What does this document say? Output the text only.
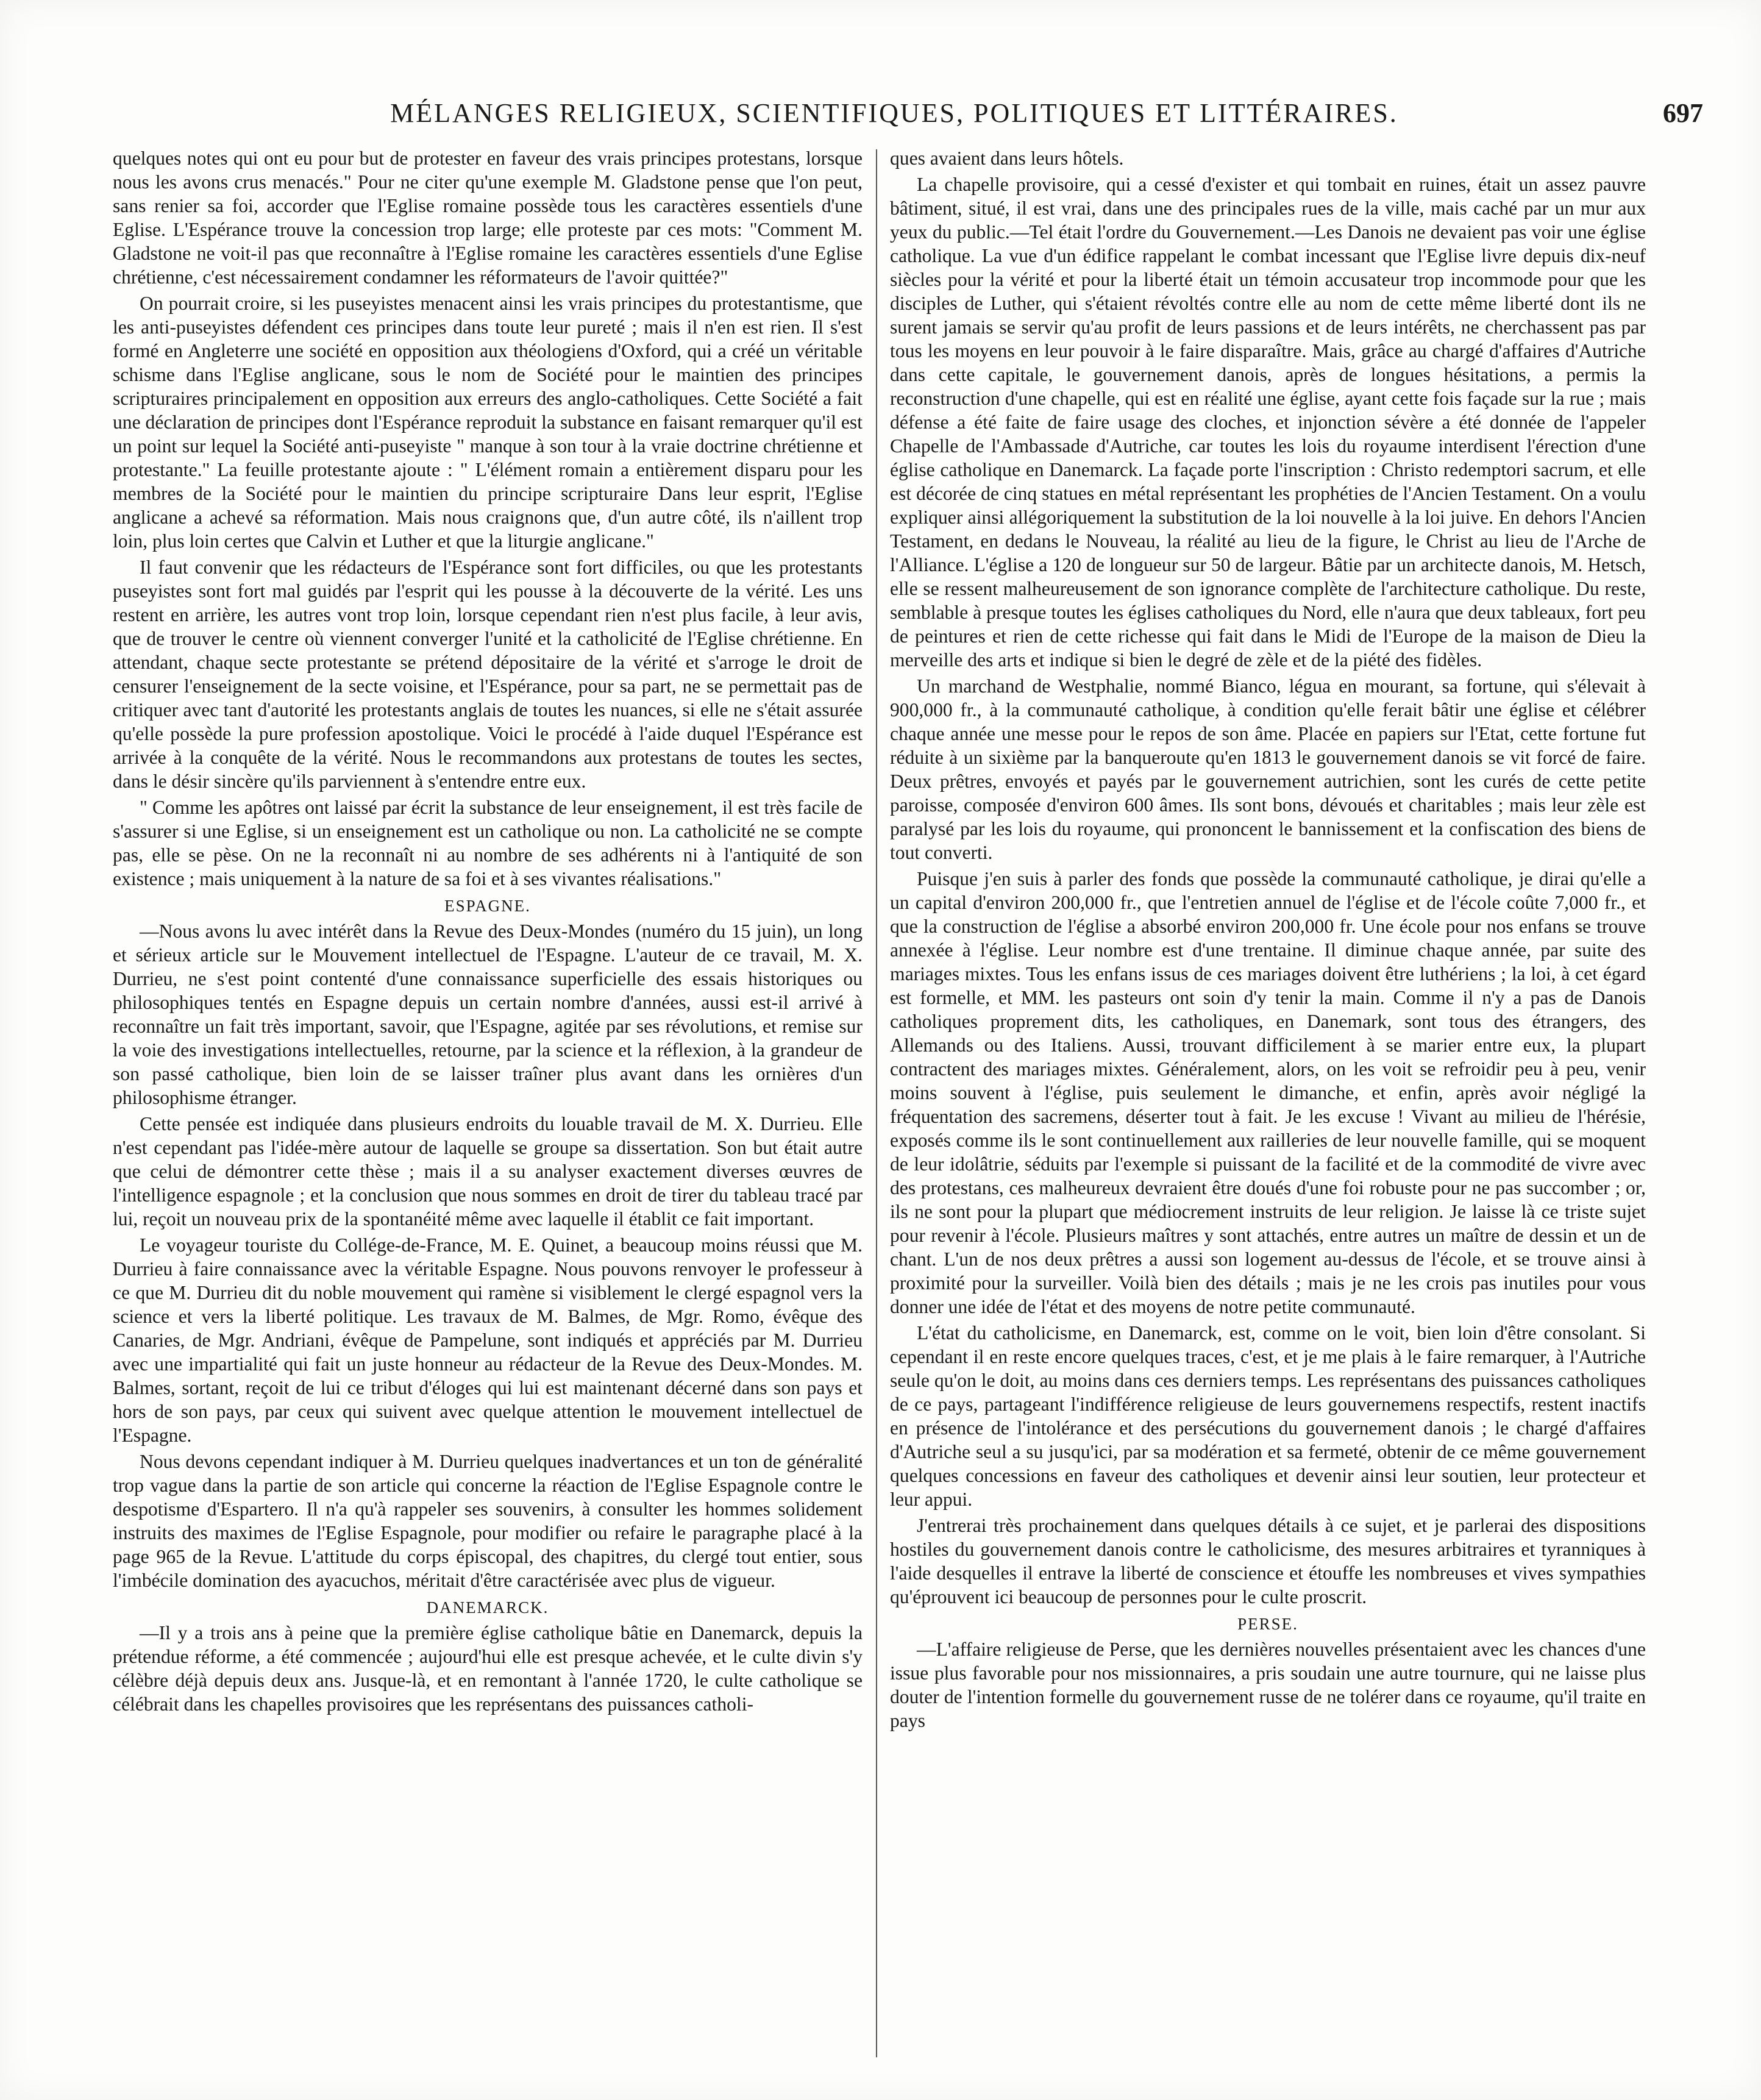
MÉLANGES RELIGIEUX, SCIENTIFIQUES, POLITIQUES ET LITTÉRAIRES.	697

quelques notes qui ont eu pour but de protester en faveur des vrais principes protestans, lorsque nous les avons crus menacés." Pour ne citer qu'une exemple M. Gladstone pense que l'on peut, sans renier sa foi, accorder que l'Eglise romaine possède tous les caractères essentiels d'une Eglise. L'Espérance trouve la concession trop large; elle proteste par ces mots: "Comment M. Gladstone ne voit-il pas que reconnaître à l'Eglise romaine les caractères essentiels d'une Eglise chrétienne, c'est nécessairement condamner les réformateurs de l'avoir quittée?"

On pourrait croire, si les puseyistes menacent ainsi les vrais principes du protestantisme, que les anti-puseyistes défendent ces principes dans toute leur pureté ; mais il n'en est rien. Il s'est formé en Angleterre une société en opposition aux théologiens d'Oxford, qui a créé un véritable schisme dans l'Eglise anglicane, sous le nom de Société pour le maintien des principes scripturaires principalement en opposition aux erreurs des anglo-catholiques. Cette Société a fait une déclaration de principes dont l'Espérance reproduit la substance en faisant remarquer qu'il est un point sur lequel la Société anti-puseyiste " manque à son tour à la vraie doctrine chrétienne et protestante." La feuille protestante ajoute : " L'élément romain a entièrement disparu pour les membres de la Société pour le maintien du principe scripturaire Dans leur esprit, l'Eglise anglicane a achevé sa réformation. Mais nous craignons que, d'un autre côté, ils n'aillent trop loin, plus loin certes que Calvin et Luther et que la liturgie anglicane."

Il faut convenir que les rédacteurs de l'Espérance sont fort difficiles, ou que les protestants puseyistes sont fort mal guidés par l'esprit qui les pousse à la découverte de la vérité. Les uns restent en arrière, les autres vont trop loin, lorsque cependant rien n'est plus facile, à leur avis, que de trouver le centre où viennent converger l'unité et la catholicité de l'Eglise chrétienne. En attendant, chaque secte protestante se prétend dépositaire de la vérité et s'arroge le droit de censurer l'enseignement de la secte voisine, et l'Espérance, pour sa part, ne se permettait pas de critiquer avec tant d'autorité les protestants anglais de toutes les nuances, si elle ne s'était assurée qu'elle possède la pure profession apostolique. Voici le procédé à l'aide duquel l'Espérance est arrivée à la conquête de la vérité. Nous le recommandons aux protestans de toutes les sectes, dans le désir sincère qu'ils parviennent à s'entendre entre eux.

" Comme les apôtres ont laissé par écrit la substance de leur enseignement, il est très facile de s'assurer si une Eglise, si un enseignement est un catholique ou non. La catholicité ne se compte pas, elle se pèse. On ne la reconnaît ni au nombre de ses adhérents ni à l'antiquité de son existence ; mais uniquement à la nature de sa foi et à ses vivantes réalisations."

ESPAGNE.

—Nous avons lu avec intérêt dans la Revue des Deux-Mondes (numéro du 15 juin), un long et sérieux article sur le Mouvement intellectuel de l'Espagne. L'auteur de ce travail, M. X. Durrieu, ne s'est point contenté d'une connaissance superficielle des essais historiques ou philosophiques tentés en Espagne depuis un certain nombre d'années, aussi est-il arrivé à reconnaître un fait très important, savoir, que l'Espagne, agitée par ses révolutions, et remise sur la voie des investigations intellectuelles, retourne, par la science et la réflexion, à la grandeur de son passé catholique, bien loin de se laisser traîner plus avant dans les ornières d'un philosophisme étranger.

Cette pensée est indiquée dans plusieurs endroits du louable travail de M. X. Durrieu. Elle n'est cependant pas l'idée-mère autour de laquelle se groupe sa dissertation. Son but était autre que celui de démontrer cette thèse ; mais il a su analyser exactement diverses œuvres de l'intelligence espagnole ; et la conclusion que nous sommes en droit de tirer du tableau tracé par lui, reçoit un nouveau prix de la spontanéité même avec laquelle il établit ce fait important.

Le voyageur touriste du Collége-de-France, M. E. Quinet, a beaucoup moins réussi que M. Durrieu à faire connaissance avec la véritable Espagne. Nous pouvons renvoyer le professeur à ce que M. Durrieu dit du noble mouvement qui ramène si visiblement le clergé espagnol vers la science et vers la liberté politique. Les travaux de M. Balmes, de Mgr. Romo, évêque des Canaries, de Mgr. Andriani, évêque de Pampelune, sont indiqués et appréciés par M. Durrieu avec une impartialité qui fait un juste honneur au rédacteur de la Revue des Deux-Mondes. M. Balmes, sortant, reçoit de lui ce tribut d'éloges qui lui est maintenant décerné dans son pays et hors de son pays, par ceux qui suivent avec quelque attention le mouvement intellectuel de l'Espagne.

Nous devons cependant indiquer à M. Durrieu quelques inadvertances et un ton de généralité trop vague dans la partie de son article qui concerne la réaction de l'Eglise Espagnole contre le despotisme d'Espartero. Il n'a qu'à rappeler ses souvenirs, à consulter les hommes solidement instruits des maximes de l'Eglise Espagnole, pour modifier ou refaire le paragraphe placé à la page 965 de la Revue. L'attitude du corps épiscopal, des chapitres, du clergé tout entier, sous l'imbécile domination des ayacuchos, méritait d'être caractérisée avec plus de vigueur.

DANEMARCK.

—Il y a trois ans à peine que la première église catholique bâtie en Danemarck, depuis la prétendue réforme, a été commencée ; aujourd'hui elle est presque achevée, et le culte divin s'y célèbre déjà depuis deux ans. Jusque-là, et en remontant à l'année 1720, le culte catholique se célébrait dans les chapelles provisoires que les représentans des puissances catholi-

ques avaient dans leurs hôtels.

La chapelle provisoire, qui a cessé d'exister et qui tombait en ruines, était un assez pauvre bâtiment, situé, il est vrai, dans une des principales rues de la ville, mais caché par un mur aux yeux du public.—Tel était l'ordre du Gouvernement.—Les Danois ne devaient pas voir une église catholique. La vue d'un édifice rappelant le combat incessant que l'Eglise livre depuis dix-neuf siècles pour la vérité et pour la liberté était un témoin accusateur trop incommode pour que les disciples de Luther, qui s'étaient révoltés contre elle au nom de cette même liberté dont ils ne surent jamais se servir qu'au profit de leurs passions et de leurs intérêts, ne cherchassent pas par tous les moyens en leur pouvoir à le faire disparaître. Mais, grâce au chargé d'affaires d'Autriche dans cette capitale, le gouvernement danois, après de longues hésitations, a permis la reconstruction d'une chapelle, qui est en réalité une église, ayant cette fois façade sur la rue ; mais défense a été faite de faire usage des cloches, et injonction sévère a été donnée de l'appeler Chapelle de l'Ambassade d'Autriche, car toutes les lois du royaume interdisent l'érection d'une église catholique en Danemarck. La façade porte l'inscription : Christo redemptori sacrum, et elle est décorée de cinq statues en métal représentant les prophéties de l'Ancien Testament. On a voulu expliquer ainsi allégoriquement la substitution de la loi nouvelle à la loi juive. En dehors l'Ancien Testament, en dedans le Nouveau, la réalité au lieu de la figure, le Christ au lieu de l'Arche de l'Alliance. L'église a 120 de longueur sur 50 de largeur. Bâtie par un architecte danois, M. Hetsch, elle se ressent malheureusement de son ignorance complète de l'architecture catholique. Du reste, semblable à presque toutes les églises catholiques du Nord, elle n'aura que deux tableaux, fort peu de peintures et rien de cette richesse qui fait dans le Midi de l'Europe de la maison de Dieu la merveille des arts et indique si bien le degré de zèle et de la piété des fidèles.

Un marchand de Westphalie, nommé Bianco, légua en mourant, sa fortune, qui s'élevait à 900,000 fr., à la communauté catholique, à condition qu'elle ferait bâtir une église et célébrer chaque année une messe pour le repos de son âme. Placée en papiers sur l'Etat, cette fortune fut réduite à un sixième par la banqueroute qu'en 1813 le gouvernement danois se vit forcé de faire. Deux prêtres, envoyés et payés par le gouvernement autrichien, sont les curés de cette petite paroisse, composée d'environ 600 âmes. Ils sont bons, dévoués et charitables ; mais leur zèle est paralysé par les lois du royaume, qui prononcent le bannissement et la confiscation des biens de tout converti.

Puisque j'en suis à parler des fonds que possède la communauté catholique, je dirai qu'elle a un capital d'environ 200,000 fr., que l'entretien annuel de l'église et de l'école coûte 7,000 fr., et que la construction de l'église a absorbé environ 200,000 fr. Une école pour nos enfans se trouve annexée à l'église. Leur nombre est d'une trentaine. Il diminue chaque année, par suite des mariages mixtes. Tous les enfans issus de ces mariages doivent être luthériens ; la loi, à cet égard est formelle, et MM. les pasteurs ont soin d'y tenir la main. Comme il n'y a pas de Danois catholiques proprement dits, les catholiques, en Danemark, sont tous des étrangers, des Allemands ou des Italiens. Aussi, trouvant difficilement à se marier entre eux, la plupart contractent des mariages mixtes. Généralement, alors, on les voit se refroidir peu à peu, venir moins souvent à l'église, puis seulement le dimanche, et enfin, après avoir négligé la fréquentation des sacremens, déserter tout à fait. Je les excuse ! Vivant au milieu de l'hérésie, exposés comme ils le sont continuellement aux railleries de leur nouvelle famille, qui se moquent de leur idolâtrie, séduits par l'exemple si puissant de la facilité et de la commodité de vivre avec des protestans, ces malheureux devraient être doués d'une foi robuste pour ne pas succomber ; or, ils ne sont pour la plupart que médiocrement instruits de leur religion. Je laisse là ce triste sujet pour revenir à l'école. Plusieurs maîtres y sont attachés, entre autres un maître de dessin et un de chant. L'un de nos deux prêtres a aussi son logement au-dessus de l'école, et se trouve ainsi à proximité pour la surveiller. Voilà bien des détails ; mais je ne les crois pas inutiles pour vous donner une idée de l'état et des moyens de notre petite communauté.

L'état du catholicisme, en Danemarck, est, comme on le voit, bien loin d'être consolant. Si cependant il en reste encore quelques traces, c'est, et je me plais à le faire remarquer, à l'Autriche seule qu'on le doit, au moins dans ces derniers temps. Les représentans des puissances catholiques de ce pays, partageant l'indifférence religieuse de leurs gouvernemens respectifs, restent inactifs en présence de l'intolérance et des persécutions du gouvernement danois ; le chargé d'affaires d'Autriche seul a su jusqu'ici, par sa modération et sa fermeté, obtenir de ce même gouvernement quelques concessions en faveur des catholiques et devenir ainsi leur soutien, leur protecteur et leur appui.

J'entrerai très prochainement dans quelques détails à ce sujet, et je parlerai des dispositions hostiles du gouvernement danois contre le catholicisme, des mesures arbitraires et tyranniques à l'aide desquelles il entrave la liberté de conscience et étouffe les nombreuses et vives sympathies qu'éprouvent ici beaucoup de personnes pour le culte proscrit.

PERSE.

—L'affaire religieuse de Perse, que les dernières nouvelles présentaient avec les chances d'une issue plus favorable pour nos missionnaires, a pris soudain une autre tournure, qui ne laisse plus douter de l'intention formelle du gouvernement russe de ne tolérer dans ce royaume, qu'il traite en pays
